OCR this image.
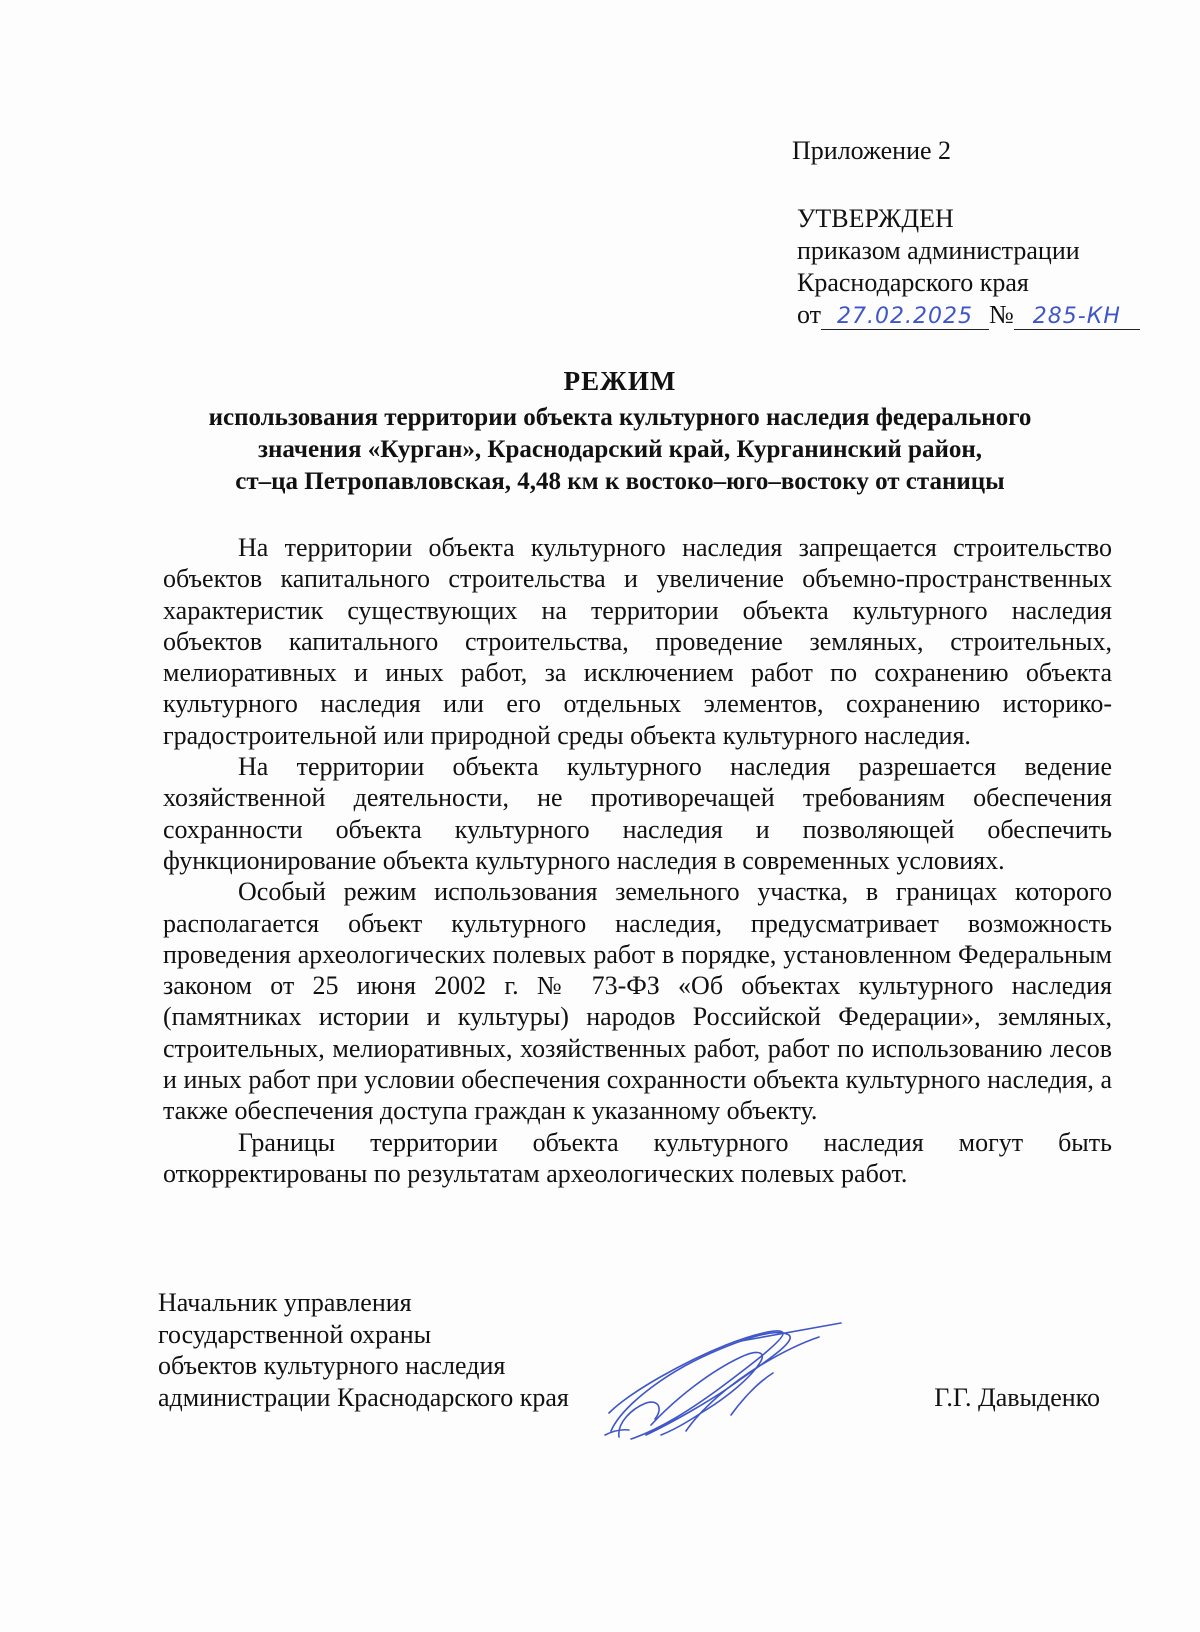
Приложение 2
УТВЕРЖДЕН
приказом администрации
Краснодарского края
от 27.02.2025 № 285-КН
РЕЖИМ
использования территории объекта культурного наследия федерального
значения «Курган», Краснодарский край, Курганинский район,
ст–ца Петропавловская, 4,48 км к востоко–юго–востоку от станицы

На территории объекта культурного наследия запрещается строительство объектов капитального строительства и увеличение объемно-пространственных характеристик существующих на территории объекта культурного наследия объектов капитального строительства, проведение земляных, строительных, мелиоративных и иных работ, за исключением работ по сохранению объекта культурного наследия или его отдельных элементов, сохранению историко-градостроительной или природной среды объекта культурного наследия.

На территории объекта культурного наследия разрешается ведение хозяйственной деятельности, не противоречащей требованиям обеспечения сохранности объекта культурного наследия и позволяющей обеспечить функционирование объекта культурного наследия в современных условиях.

Особый режим использования земельного участка, в границах которого располагается объект культурного наследия, предусматривает возможность проведения археологических полевых работ в порядке, установленном Федеральным законом от 25 июня 2002 г. № 73-ФЗ «Об объектах культурного наследия (памятниках истории и культуры) народов Российской Федерации», земляных, строительных, мелиоративных, хозяйственных работ, работ по использованию лесов и иных работ при условии обеспечения сохранности объекта культурного наследия, а также обеспечения доступа граждан к указанному объекту.

Границы территории объекта культурного наследия могут быть откорректированы по результатам археологических полевых работ.

Начальник управления
государственной охраны
объектов культурного наследия
администрации Краснодарского края	Г.Г. Давыденко
